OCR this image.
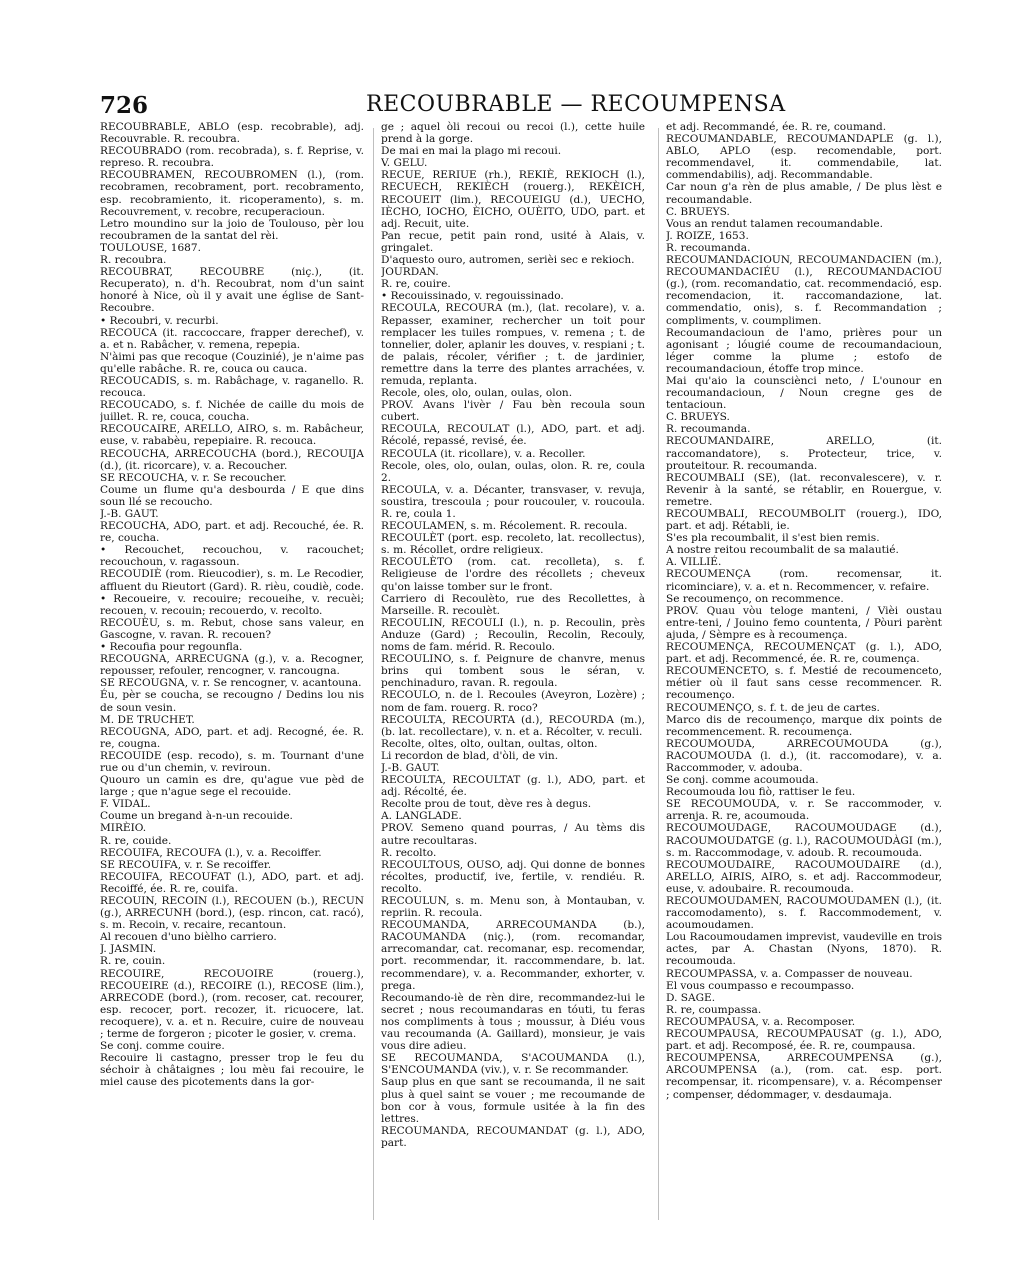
726	RECOUBRABLE — RECOUMPENSA

RECOUBRABLE, ABLO (esp. recobrable), adj. Recouvrable. R. recoubra.

RECOUBRADO (rom. recobrada), s. f. Reprise, v. represo. R. recoubra.

RECOUBRAMEN, RECOUBROMEN (l.), (rom. recobramen, recobrament, port. recobramento, esp. recobramiento, it. ricoperamento), s. m. Recouvrement, v. recobre, recuperacioun.

Letro moundino sur la joio de Toulouso, pèr lou recoubramen de la santat del rèi.

TOULOUSE, 1687.

R. recoubra.

RECOUBRAT, RECOUBRE (niç.), (it. Recuperato), n. d'h. Recoubrat, nom d'un saint honoré à Nice, où il y avait une église de Sant-Recoubre.

• Recoubri, v. recurbi.

RECOUCA (it. raccoccare, frapper derechef), v. a. et n. Rabâcher, v. remena, repepia.

N'àimi pas que recoque (Couzinié), je n'aime pas qu'elle rabâche. R. re, couca ou cauca.

RECOUCADIS, s. m. Rabâchage, v. raganello. R. recouca.

RECOUCADO, s. f. Nichée de caille du mois de juillet. R. re, couca, coucha.

RECOUCAIRE, ARELLO, AIRO, s. m. Rabâcheur, euse, v. rababèu, repepiaire. R. recouca.

RECOUCHA, ARRECOUCHA (bord.), RECOUIJA (d.), (it. ricorcare), v. a. Recoucher.

SE RECOUCHA, v. r. Se recoucher.

Coume un flume qu'a desbourda / E que dins soun llé se recoucho.

J.-B. GAUT.

RECOUCHA, ADO, part. et adj. Recouché, ée. R. re, coucha.

• Recouchet, recouchou, v. racouchet; recouchoun, v. ragassoun.

RECOUDIÈ (rom. Rieucodier), s. m. Le Recodier, affluent du Rieutort (Gard). R. rièu, coudiè, code.

• Recoueire, v. recouire; recoueihe, v. recuèi; recouen, v. recouin; recouerdo, v. recolto.

RECOUÈU, s. m. Rebut, chose sans valeur, en Gascogne, v. ravan. R. recouen?

• Recoufia pour regounfla.

RECOUGNA, ARRECUGNA (g.), v. a. Recogner, repousser, refouler, rencogner, v. rancougna.

SE RECOUGNA, v. r. Se rencogner, v. acantouna.

Éu, pèr se coucha, se recougno / Dedins lou nis de soun vesin.

M. DE TRUCHET.

RECOUGNA, ADO, part. et adj. Recogné, ée. R. re, cougna.

RECOUIDE (esp. recodo), s. m. Tournant d'une rue ou d'un chemin, v. reviroun.

Quouro un camin es dre, qu'ague vue pèd de large ; que n'ague sege el recouide.

F. VIDAL.

Coume un bregand à-n-un recouide.

MIRÈIO.

R. re, couide.

RECOUIFA, RECOUFA (l.), v. a. Recoiffer.

SE RECOUIFA, v. r. Se recoiffer.

RECOUIFA, RECOUFAT (l.), ADO, part. et adj. Recoiffé, ée. R. re, couifa.

RECOUIN, RECOIN (l.), RECOUEN (b.), RECUN (g.), ARRECUNH (bord.), (esp. rincon, cat. racó), s. m. Recoin, v. recaire, recantoun.

Al recouen d'uno bièlho carriero.

J. JASMIN.

R. re, couin.

RECOUIRE, RECOUOIRE (rouerg.), RECOUEIRE (d.), RECOIRE (l.), RECOSE (lim.), ARRECODE (bord.), (rom. recoser, cat. recourer, esp. recocer, port. recozer, it. ricuocere, lat. recoquere), v. a. et n. Recuire, cuire de nouveau ; terme de forgeron ; picoter le gosier, v. crema.

Se conj. comme couire.

Recouire li castagno, presser trop le feu du séchoir à châtaignes ; lou mèu fai recouire, le miel cause des picotements dans la gor-

ge ; aquel òli recoui ou recoi (l.), cette huile prend à la gorge.

De mai en mai la plago mi recoui.

V. GELU.

RECUE, RERIUE (rh.), REKIÈ, REKIOCH (l.), RECUECH, REKIÈCH (rouerg.), REKÈICH, RECOUEIT (lim.), RECOUEIGU (d.), UECHO, IÈCHO, IOCHO, ÈICHO, OUÈITO, UDO, part. et adj. Recuit, uite.

Pan recue, petit pain rond, usité à Alais, v. gringalet.

D'aquesto ouro, autromen, serièi sec e rekioch.

JOURDAN.

R. re, couire.

• Recouissinado, v. regouissinado.

RECOULA, RECOURA (m.), (lat. recolare), v. a. Repasser, examiner, rechercher un toit pour remplacer les tuiles rompues, v. remena ; t. de tonnelier, doler, aplanir les douves, v. respiani ; t. de palais, récoler, vérifier ; t. de jardinier, remettre dans la terre des plantes arrachées, v. remuda, replanta.

Recole, oles, olo, oulan, oulas, olon.

PROV. Avans l'ivèr / Fau bèn recoula soun cubert.

RECOULA, RECOULAT (l.), ADO, part. et adj. Récolé, repassé, revisé, ée.

RECOULA (it. ricollare), v. a. Recoller.

Recole, oles, olo, oulan, oulas, olon. R. re, coula 2.

RECOULA, v. a. Décanter, transvaser, v. revuja, soustira, trescoula ; pour roucouler, v. roucoula. R. re, coula 1.

RECOULAMEN, s. m. Récolement. R. recoula.

RECOULÈT (port. esp. recoleto, lat. recollectus), s. m. Récollet, ordre religieux.

RECOULÈTO (rom. cat. recolleta), s. f. Religieuse de l'ordre des récollets ; cheveux qu'on laisse tomber sur le front.

Carriero di Recoulèto, rue des Recollettes, à Marseille. R. recoulèt.

RECOULIN, RECOULI (l.), n. p. Recoulin, près Anduze (Gard) ; Recoulin, Recolin, Recouly, noms de fam. mérid. R. Recoulo.

RECOULINO, s. f. Peignure de chanvre, menus brins qui tombent sous le séran, v. penchinaduro, ravan. R. regoula.

RECOULO, n. de l. Recoules (Aveyron, Lozère) ; nom de fam. rouerg. R. roco?

RECOULTA, RECOURTA (d.), RECOURDA (m.), (b. lat. recollectare), v. n. et a. Récolter, v. reculi.

Recolte, oltes, olto, oultan, oultas, olton.

Li recordon de blad, d'òli, de vin.

J.-B. GAUT.

RECOULTA, RECOULTAT (g. l.), ADO, part. et adj. Récolté, ée.

Recolte prou de tout, dève res à degus.

A. LANGLADE.

PROV. Semeno quand pourras, / Au tèms dis autre recoultaras.

R. recolto.

RECOULTOUS, OUSO, adj. Qui donne de bonnes récoltes, productif, ive, fertile, v. rendiéu. R. recolto.

RECOULUN, s. m. Menu son, à Montauban, v. repriin. R. recoula.

RECOUMANDA, ARRECOUMANDA (b.), RACOUMANDA (niç.), (rom. recomandar, arrecomandar, cat. recomanar, esp. recomendar, port. recommendar, it. raccommendare, b. lat. recommendare), v. a. Recommander, exhorter, v. prega.

Recoumando-iè de rèn dire, recommandez-lui le secret ; nous recoumandaras en tóuti, tu feras nos compliments à tous ; moussur, à Diéu vous vau recoumanda (A. Gaillard), monsieur, je vais vous dire adieu.

SE RECOUMANDA, S'ACOUMANDA (l.), S'ENCOUMANDA (viv.), v. r. Se recommander.

Saup plus en que sant se recoumanda, il ne sait plus à quel saint se vouer ; me recoumande de bon cor à vous, formule usitée à la fin des lettres.

RECOUMANDA, RECOUMANDAT (g. l.), ADO, part.

et adj. Recommandé, ée. R. re, coumand.

RECOUMANDABLE, RECOUMANDAPLE (g. l.), ABLO, APLO (esp. recomendable, port. recommendavel, it. commendabile, lat. commendabilis), adj. Recommandable.

Car noun g'a rèn de plus amable, / De plus lèst e recoumandable.

C. BRUEYS.

Vous an rendut talamen recoumandable.

J. ROIZE, 1653.

R. recoumanda.

RECOUMANDACIOUN, RECOUMANDACIEN (m.), RECOUMANDACIÉU (l.), RECOUMANDACIOU (g.), (rom. recomandatio, cat. recommendació, esp. recomendacion, it. raccomandazione, lat. commendatio, onis), s. f. Recommandation ; compliments, v. coumplimen.

Recoumandacioun de l'amo, prières pour un agonisant ; lóugié coume de recoumandacioun, léger comme la plume ; estofo de recoumandacioun, étoffe trop mince.

Mai qu'aio la counsciènci neto, / L'ounour en recoumandacioun, / Noun cregne ges de tentacioun.

C. BRUEYS.

R. recoumanda.

RECOUMANDAIRE, ARELLO, (it. raccomandatore), s. Protecteur, trice, v. prouteitour. R. recoumanda.

RECOUMBALI (SE), (lat. reconvalescere), v. r. Revenir à la santé, se rétablir, en Rouergue, v. remetre.

RECOUMBALI, RECOUMBOLIT (rouerg.), IDO, part. et adj. Rétabli, ie.

S'es pla recoumbalit, il s'est bien remis.

A nostre reitou recoumbalit de sa malautié.

A. VILLIÉ.

RECOUMENÇA (rom. recomensar, it. ricominciare), v. a. et n. Recommencer, v. refaire.

Se recoumenço, on recommence.

PROV. Quau vòu teloge manteni, / Vièi oustau entre-teni, / Jouino femo countenta, / Pòuri parènt ajuda, / Sèmpre es à recoumença.

RECOUMENÇA, RECOUMENÇAT (g. l.), ADO, part. et adj. Recommencé, ée. R. re, coumença.

RECOUMENCETO, s. f. Mestié de recoumenceto, métier où il faut sans cesse recommencer. R. recoumenço.

RECOUMENÇO, s. f. t. de jeu de cartes.

Marco dis de recoumenço, marque dix points de recommencement. R. recoumença.

RECOUMOUDA, ARRECOUMOUDA (g.), RACOUMOUDA (l. d.), (it. raccomodare), v. a. Raccommoder, v. adouba.

Se conj. comme acoumouda.

Recoumouda lou fiò, rattiser le feu.

SE RECOUMOUDA, v. r. Se raccommoder, v. arrenja. R. re, acoumouda.

RECOUMOUDAGE, RACOUMOUDAGE (d.), RACOUMOUDATGE (g. l.), RACOUMOUDÀGI (m.), s. m. Raccommodage, v. adoub. R. recoumouda.

RECOUMOUDAIRE, RACOUMOUDAIRE (d.), ARELLO, AIRIS, AIRO, s. et adj. Raccommodeur, euse, v. adoubaire. R. recoumouda.

RECOUMOUDAMEN, RACOUMOUDAMEN (l.), (it. raccomodamento), s. f. Raccommodement, v. acoumoudamen.

Lou Racoumoudamen imprevist, vaudeville en trois actes, par A. Chastan (Nyons, 1870). R. recoumouda.

RECOUMPASSA, v. a. Compasser de nouveau.

El vous coumpasso e recoumpasso.

D. SAGE.

R. re, coumpassa.

RECOUMPAUSA, v. a. Recomposer.

RECOUMPAUSA, RECOUMPAUSAT (g. l.), ADO, part. et adj. Recomposé, ée. R. re, coumpausa.

RECOUMPENSA, ARRECOUMPENSA (g.), ARCOUMPENSA (a.), (rom. cat. esp. port. recompensar, it. ricompensare), v. a. Récompenser ; compenser, dédommager, v. desdaumaja.
